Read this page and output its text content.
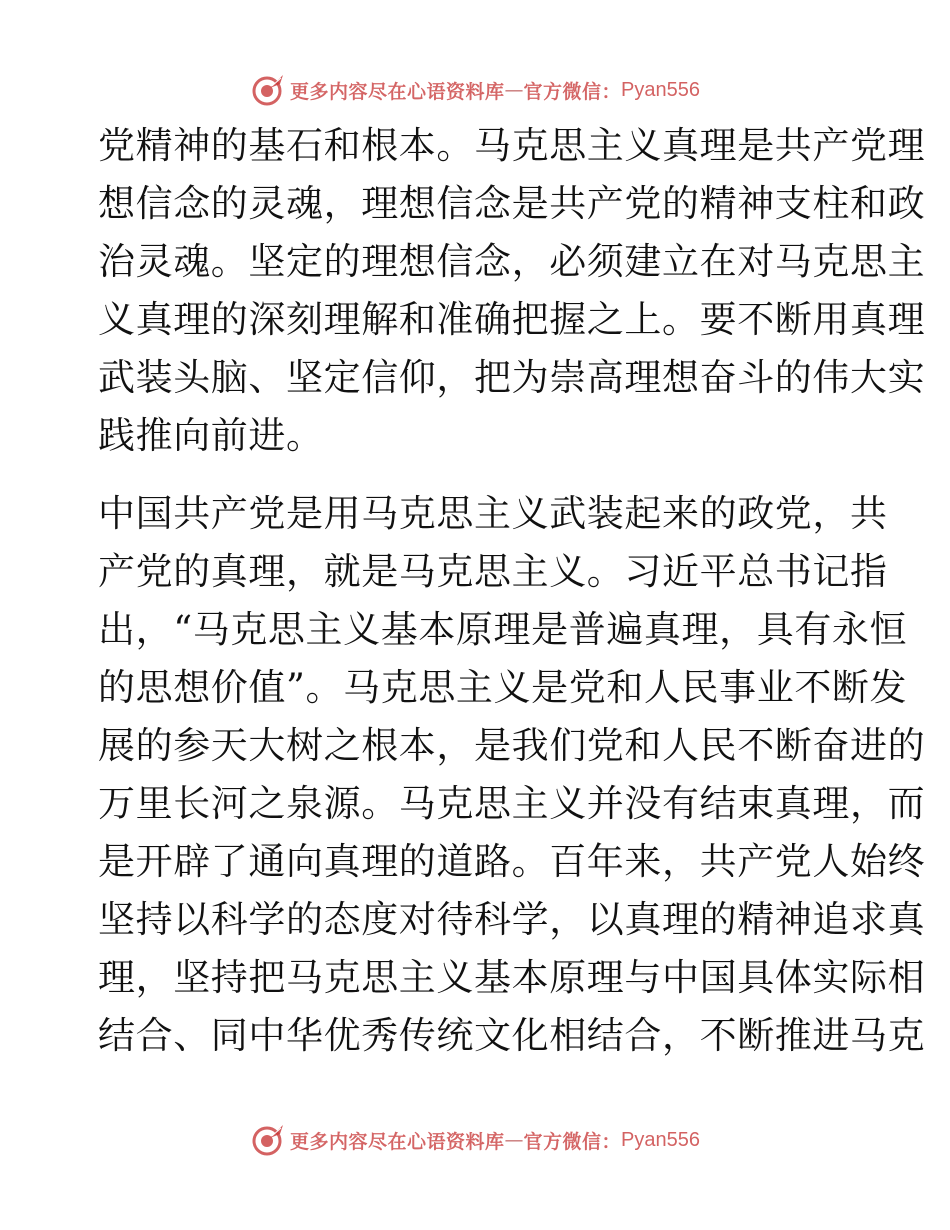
更多内容尽在心语资料库 — 官方微信： Pyan556
党精神的基石和根本。马克思主义真理是共产党理
想信念的灵魂，理想信念是共产党的精神支柱和政
治灵魂。坚定的理想信念，必须建立在对马克思主
义真理的深刻理解和准确把握之上。要不断用真理
武装头脑、坚定信仰，把为崇高理想奋斗的伟大实
践推向前进。
中国共产党是用马克思主义武装起来的政党，共
产党的真理，就是马克思主义。习近平总书记指
出，“马克思主义基本原理是普遍真理，具有永恒
的思想价值”。马克思主义是党和人民事业不断发
展的参天大树之根本，是我们党和人民不断奋进的
万里长河之泉源。马克思主义并没有结束真理，而
是开辟了通向真理的道路。百年来，共产党人始终
坚持以科学的态度对待科学，以真理的精神追求真
理，坚持把马克思主义基本原理与中国具体实际相
结合、同中华优秀传统文化相结合，不断推进马克
更多内容尽在心语资料库 — 官方微信： Pyan556
